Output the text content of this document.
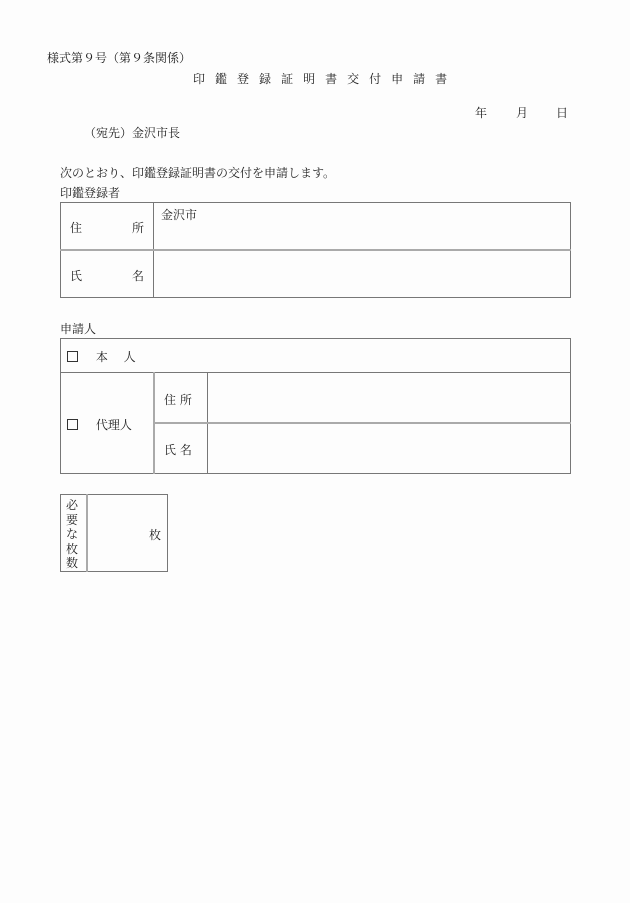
様式第９号（第９条関係）
印 鑑 登 録 証 明 書 交 付 申 請 書
年 月 日
（宛先）金沢市長
次のとおり、印鑑登録証明書の交付を申請します。
印鑑登録者
住	所
金沢市
氏	名
申請人
本 人
代理人
住 所
氏 名
必
要
な
枚
数
枚
